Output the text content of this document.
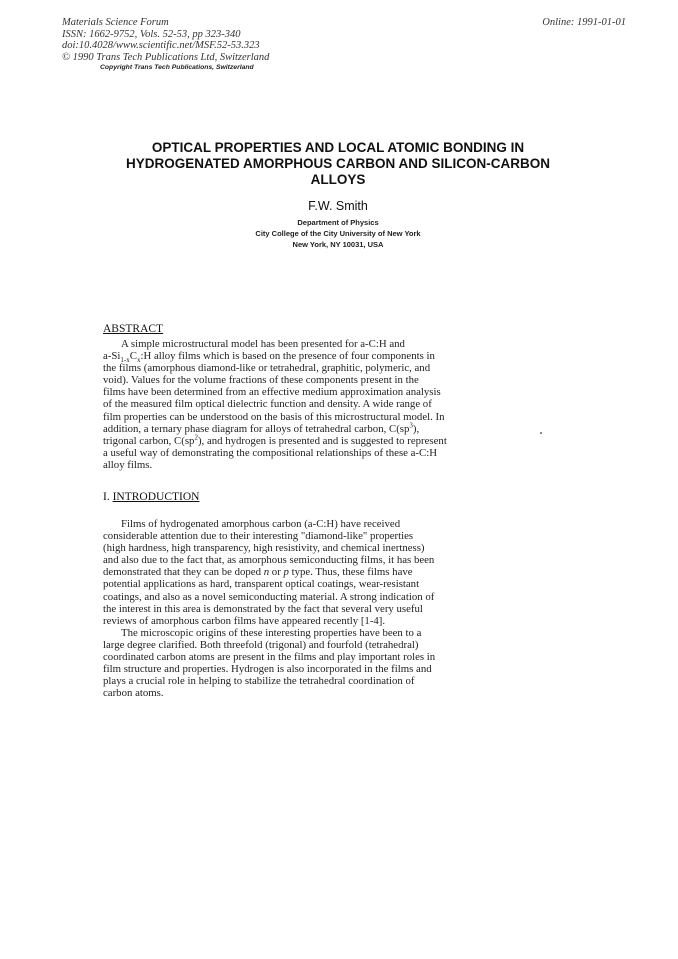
Materials Science Forum
ISSN: 1662-9752, Vols. 52-53, pp 323-340
doi:10.4028/www.scientific.net/MSF.52-53.323
© 1990 Trans Tech Publications Ltd, Switzerland
Online: 1991-01-01
Copyright Trans Tech Publications, Switzerland
OPTICAL PROPERTIES AND LOCAL ATOMIC BONDING IN
HYDROGENATED AMORPHOUS CARBON AND SILICON-CARBON
ALLOYS
F.W. Smith
Department of Physics
City College of the City University of New York
New York, NY 10031, USA
ABSTRACT
A simple microstructural model has been presented for a-C:H and
$a-Si_{1-x}C_x:H$ alloy films which is based on the presence of four components in
the films (amorphous diamond-like or tetrahedral, graphitic, polymeric, and
void). Values for the volume fractions of these components present in the
films have been determined from an effective medium approximation analysis
of the measured film optical dielectric function and density. A wide range of
film properties can be understood on the basis of this microstructural model. In
addition, a ternary phase diagram for alloys of tetrahedral carbon, $C(sp^3)$,
trigonal carbon, $C(sp^2)$, and hydrogen is presented and is suggested to represent
a useful way of demonstrating the compositional relationships of these a-C:H
alloy films.
I. INTRODUCTION
Films of hydrogenated amorphous carbon (a-C:H) have received
considerable attention due to their interesting "diamond-like" properties
(high hardness, high transparency, high resistivity, and chemical inertness)
and also due to the fact that, as amorphous semiconducting films, it has been
demonstrated that they can be doped n or p type. Thus, these films have
potential applications as hard, transparent optical coatings, wear-resistant
coatings, and also as a novel semiconducting material. A strong indication of
the interest in this area is demonstrated by the fact that several very useful
reviews of amorphous carbon films have appeared recently [1-4].
The microscopic origins of these interesting properties have been to a
large degree clarified. Both threefold (trigonal) and fourfold (tetrahedral)
coordinated carbon atoms are present in the films and play important roles in
film structure and properties. Hydrogen is also incorporated in the films and
plays a crucial role in helping to stabilize the tetrahedral coordination of
carbon atoms.
